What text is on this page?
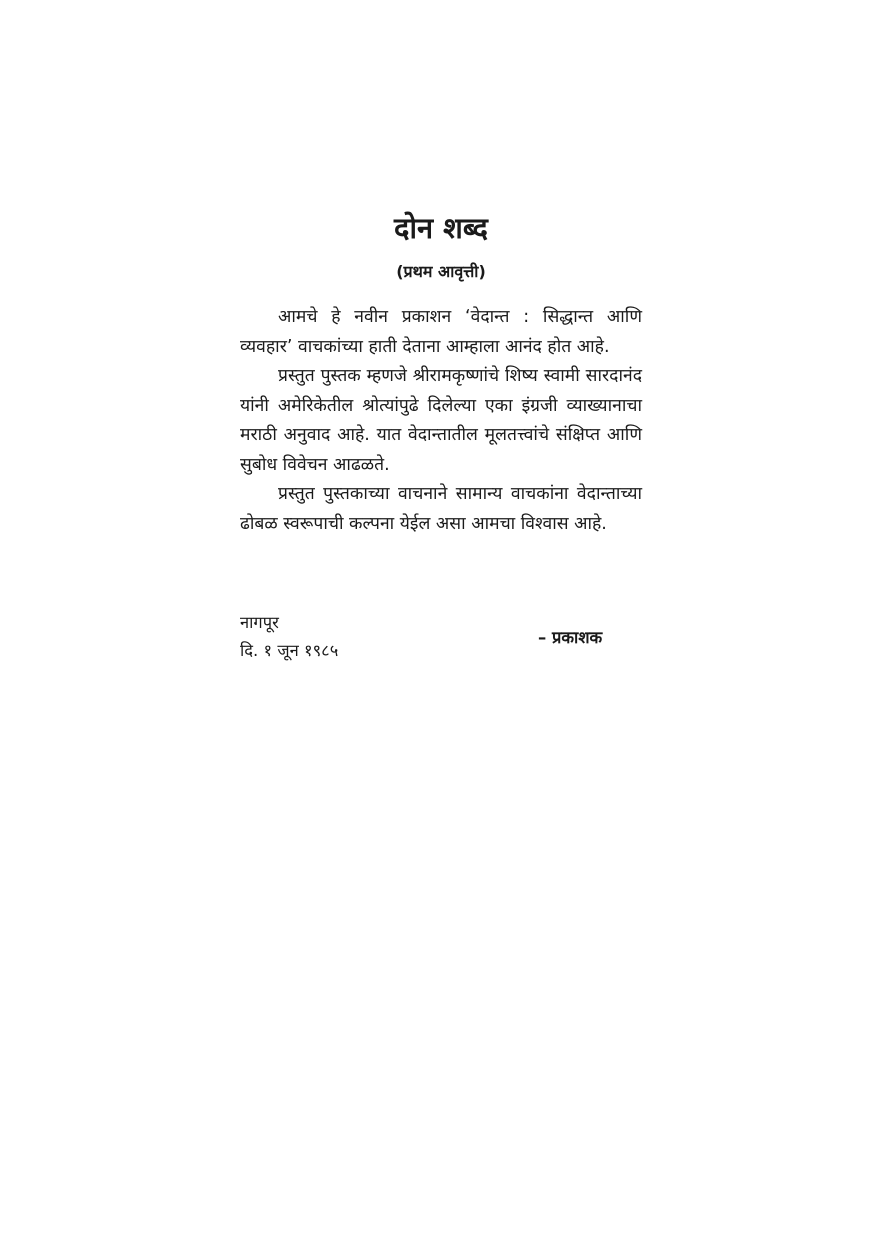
दोन शब्द
(प्रथम आवृत्ती)

आमचे हे नवीन प्रकाशन ‘वेदान्त : सिद्धान्त आणि व्यवहार’ वाचकांच्या हाती देताना आम्हाला आनंद होत आहे.

प्रस्तुत पुस्तक म्हणजे श्रीरामकृष्णांचे शिष्य स्वामी सारदानंद यांनी अमेरिकेतील श्रोत्यांपुढे दिलेल्या एका इंग्रजी व्याख्यानाचा मराठी अनुवाद आहे. यात वेदान्तातील मूलतत्त्वांचे संक्षिप्त आणि सुबोध विवेचन आढळते.

प्रस्तुत पुस्तकाच्या वाचनाने सामान्य वाचकांना वेदान्ताच्या ढोबळ स्वरूपाची कल्पना येईल असा आमचा विश्वास आहे.

नागपूर
दि. १ जून १९८५
– प्रकाशक
